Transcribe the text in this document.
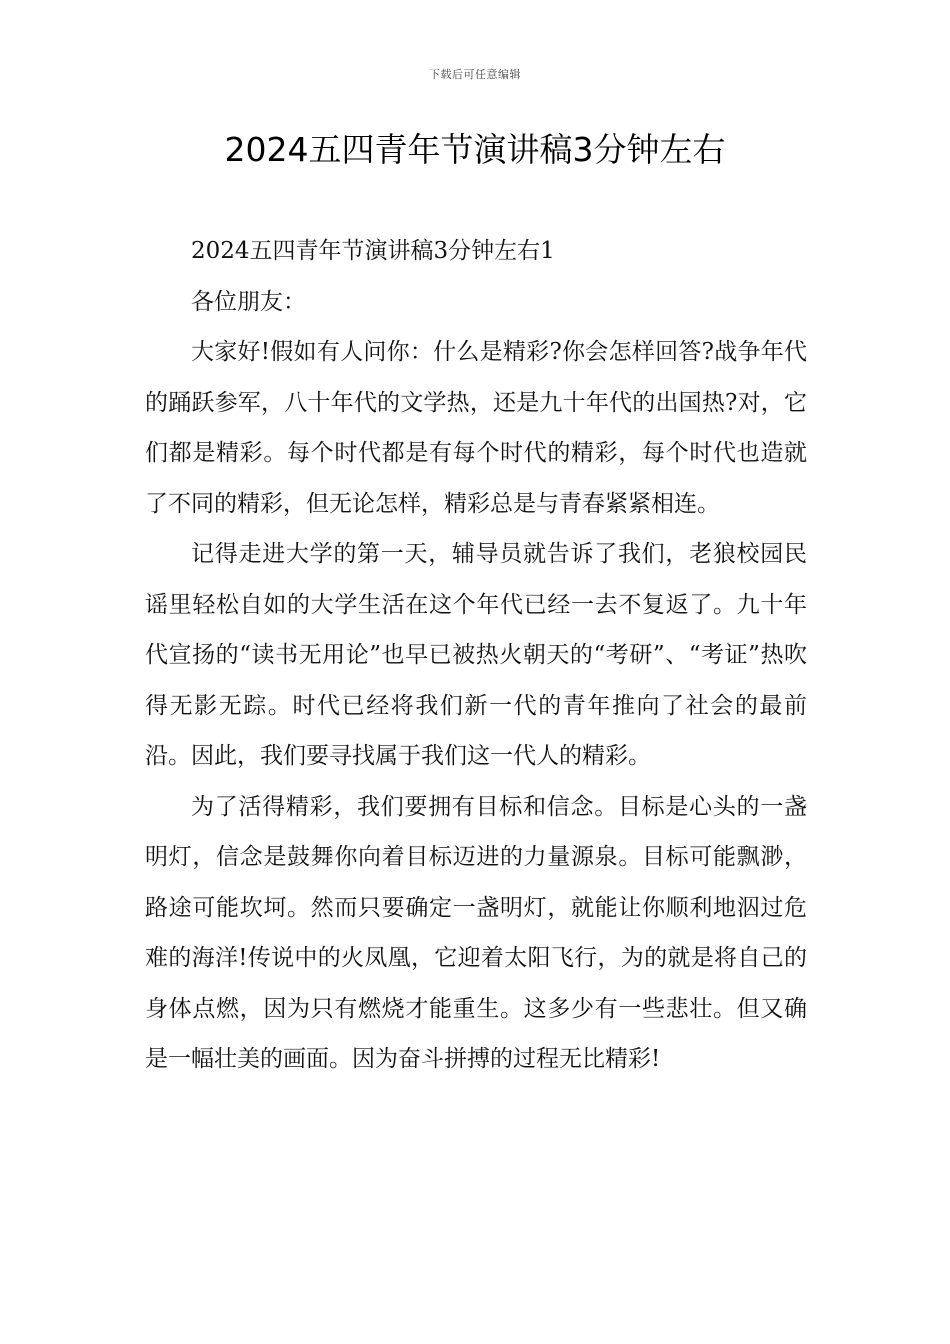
下载后可任意编辑
2024五四青年节演讲稿3分钟左右

2024五四青年节演讲稿3分钟左右1

各位朋友：

大家好!假如有人问你：什么是精彩?你会怎样回答?战争年代的踊跃参军，八十年代的文学热，还是九十年代的出国热?对，它们都是精彩。每个时代都是有每个时代的精彩，每个时代也造就了不同的精彩，但无论怎样，精彩总是与青春紧紧相连。

记得走进大学的第一天，辅导员就告诉了我们，老狼校园民谣里轻松自如的大学生活在这个年代已经一去不复返了。九十年代宣扬的“读书无用论”也早已被热火朝天的“考研”、“考证”热吹得无影无踪。时代已经将我们新一代的青年推向了社会的最前沿。因此，我们要寻找属于我们这一代人的精彩。

为了活得精彩，我们要拥有目标和信念。目标是心头的一盏明灯，信念是鼓舞你向着目标迈进的力量源泉。目标可能飘渺，路途可能坎坷。然而只要确定一盏明灯，就能让你顺利地泅过危难的海洋!传说中的火凤凰，它迎着太阳飞行，为的就是将自己的身体点燃，因为只有燃烧才能重生。这多少有一些悲壮。但又确是一幅壮美的画面。因为奋斗拼搏的过程无比精彩!
